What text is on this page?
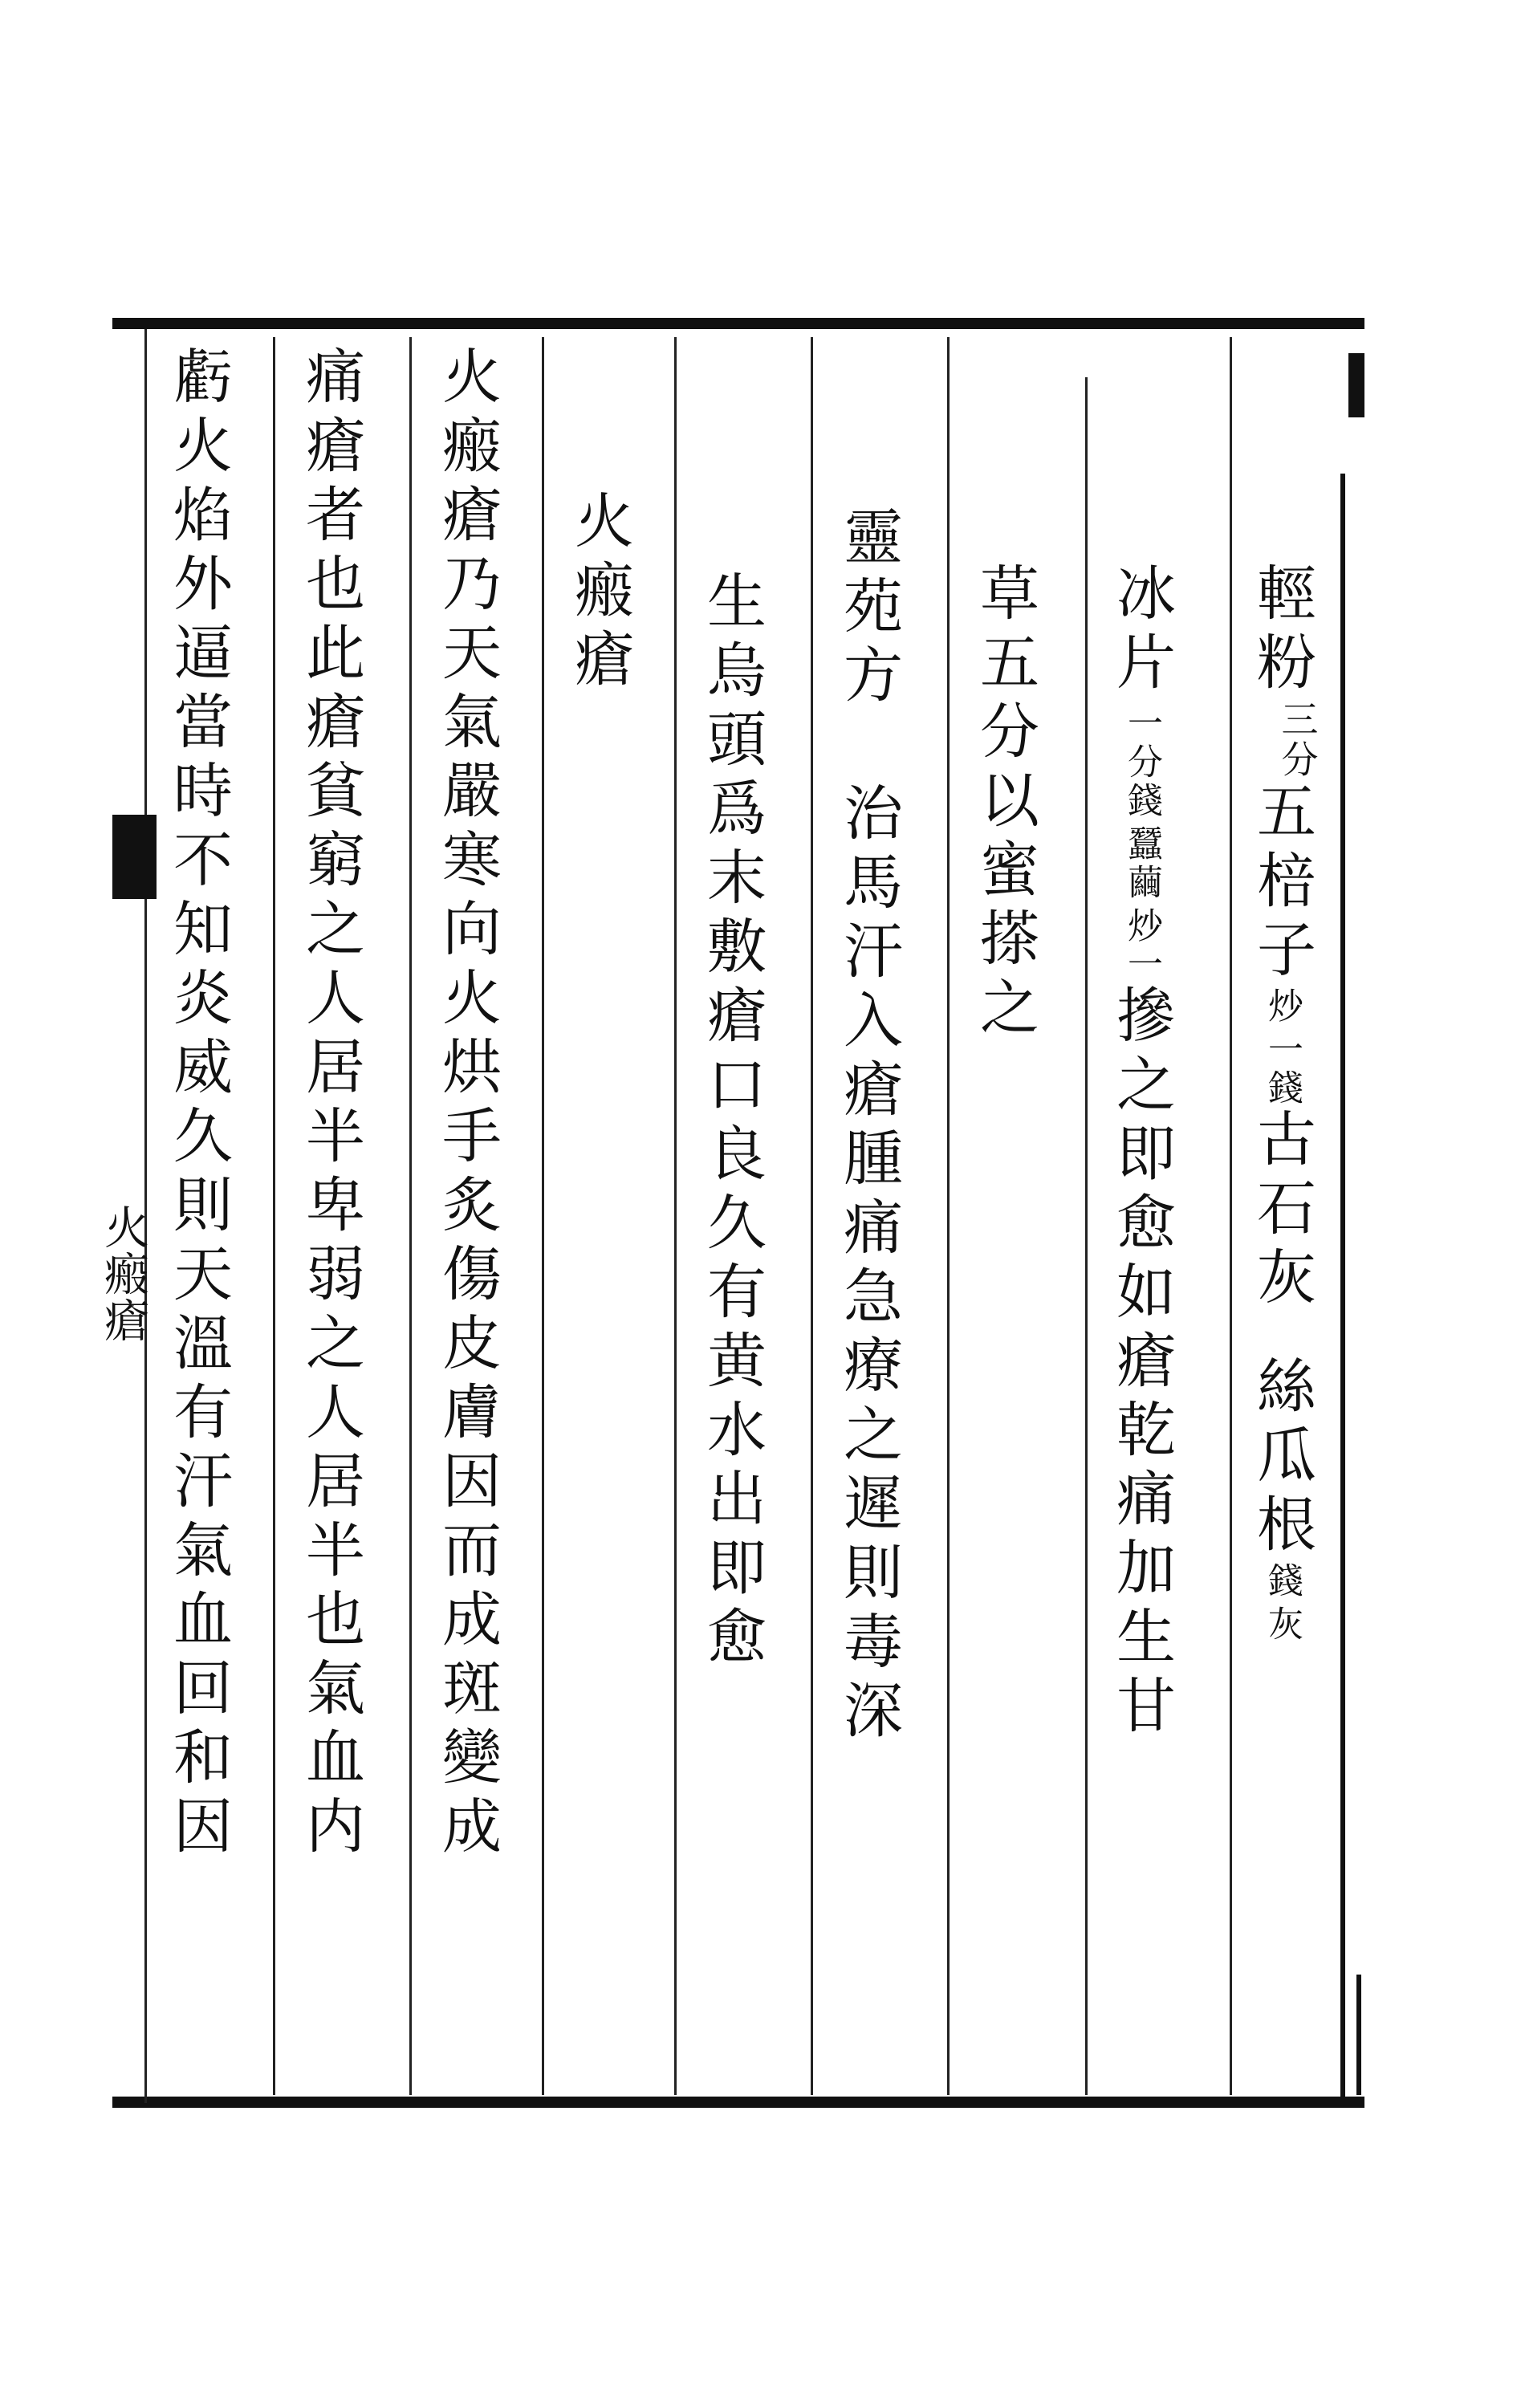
火瘢瘡
輕粉三分五棓子
一錢
炒
古石灰　絲瓜根
灰
錢
冰片
一分
蠶繭
錢
炒一
摻之即愈如瘡乾痛加生甘
草五分以蜜搽之
靈苑方　治馬汗入瘡腫痛急療之遲則毒深
生烏頭爲末敷瘡口良久有黄水出即愈
火瘢瘡
火瘢瘡乃天氣嚴寒向火烘手炙傷皮膚因而成斑變成
痛瘡者也此瘡貧窮之人居半卑弱之人居半也氣血内
虧火焰外逼當時不知炎威久則天溫有汗氣血回和因
